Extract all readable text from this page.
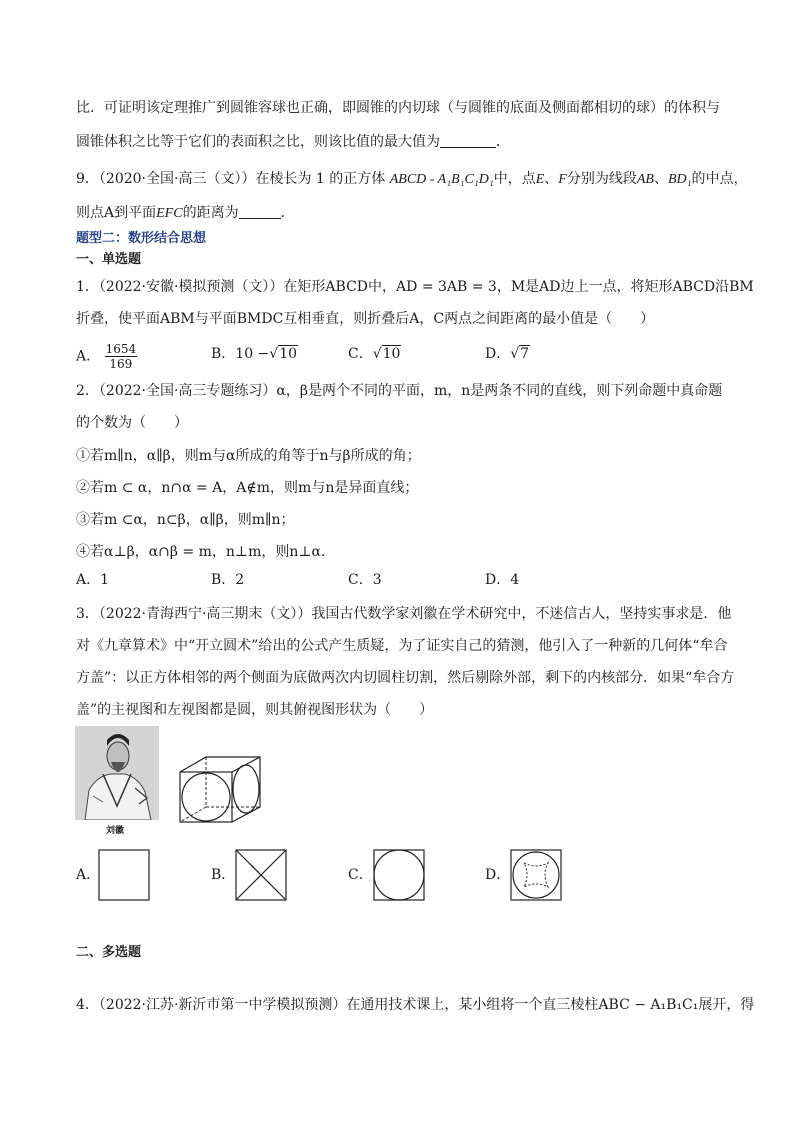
比．可证明该定理推广到圆锥容球也正确，即圆锥的内切球（与圆锥的底面及侧面都相切的球）的体积与
圆锥体积之比等于它们的表面积之比，则该比值的最大值为	．
9．（2020·全国·高三（文））在棱长为 1 的正方体 ABCD - A₁B₁C₁D₁中，点E、F分别为线段AB、BD₁的中点，
则点A到平面EFC的距离为	．
题型二：数形结合思想
一、单选题
1．（2022·安徽·模拟预测（文））在矩形ABCD中，AD = 3AB = 3，M是AD边上一点，将矩形ABCD沿BM
折叠，使平面ABM与平面BMDC互相垂直，则折叠后A，C两点之间距离的最小值是（　　）
A． $\frac{1654}{169}$	B．10 −√10	C．√10	D．√7
2．（2022·全国·高三专题练习）α，β是两个不同的平面，m，n是两条不同的直线，则下列命题中真命题
的个数为（　　）
①若m∥n，α∥β，则m与α所成的角等于n与β所成的角；
②若m ⊂ α，n∩α = A，A∉m，则m与n是异面直线；
③若m ⊂α，n⊂β，α∥β，则m∥n；
④若α⊥β，α∩β = m，n⊥m，则n⊥α．
A．1	B．2	C．3	D．4
3．（2022·青海西宁·高三期末（文））我国古代数学家刘徽在学术研究中，不迷信古人，坚持实事求是．他
对《九章算术》中“开立圆术”给出的公式产生质疑，为了证实自己的猜测，他引入了一种新的几何体“牟合
方盖”：以正方体相邻的两个侧面为底做两次内切圆柱切割，然后剔除外部，剩下的内核部分．如果“牟合方
盖”的主视图和左视图都是圆，则其俯视图形状为（　　）
刘徽
A．	B．	C．	D．
二、多选题
4．（2022·江苏·新沂市第一中学模拟预测）在通用技术课上，某小组将一个直三棱柱ABC − A₁B₁C₁展开，得
